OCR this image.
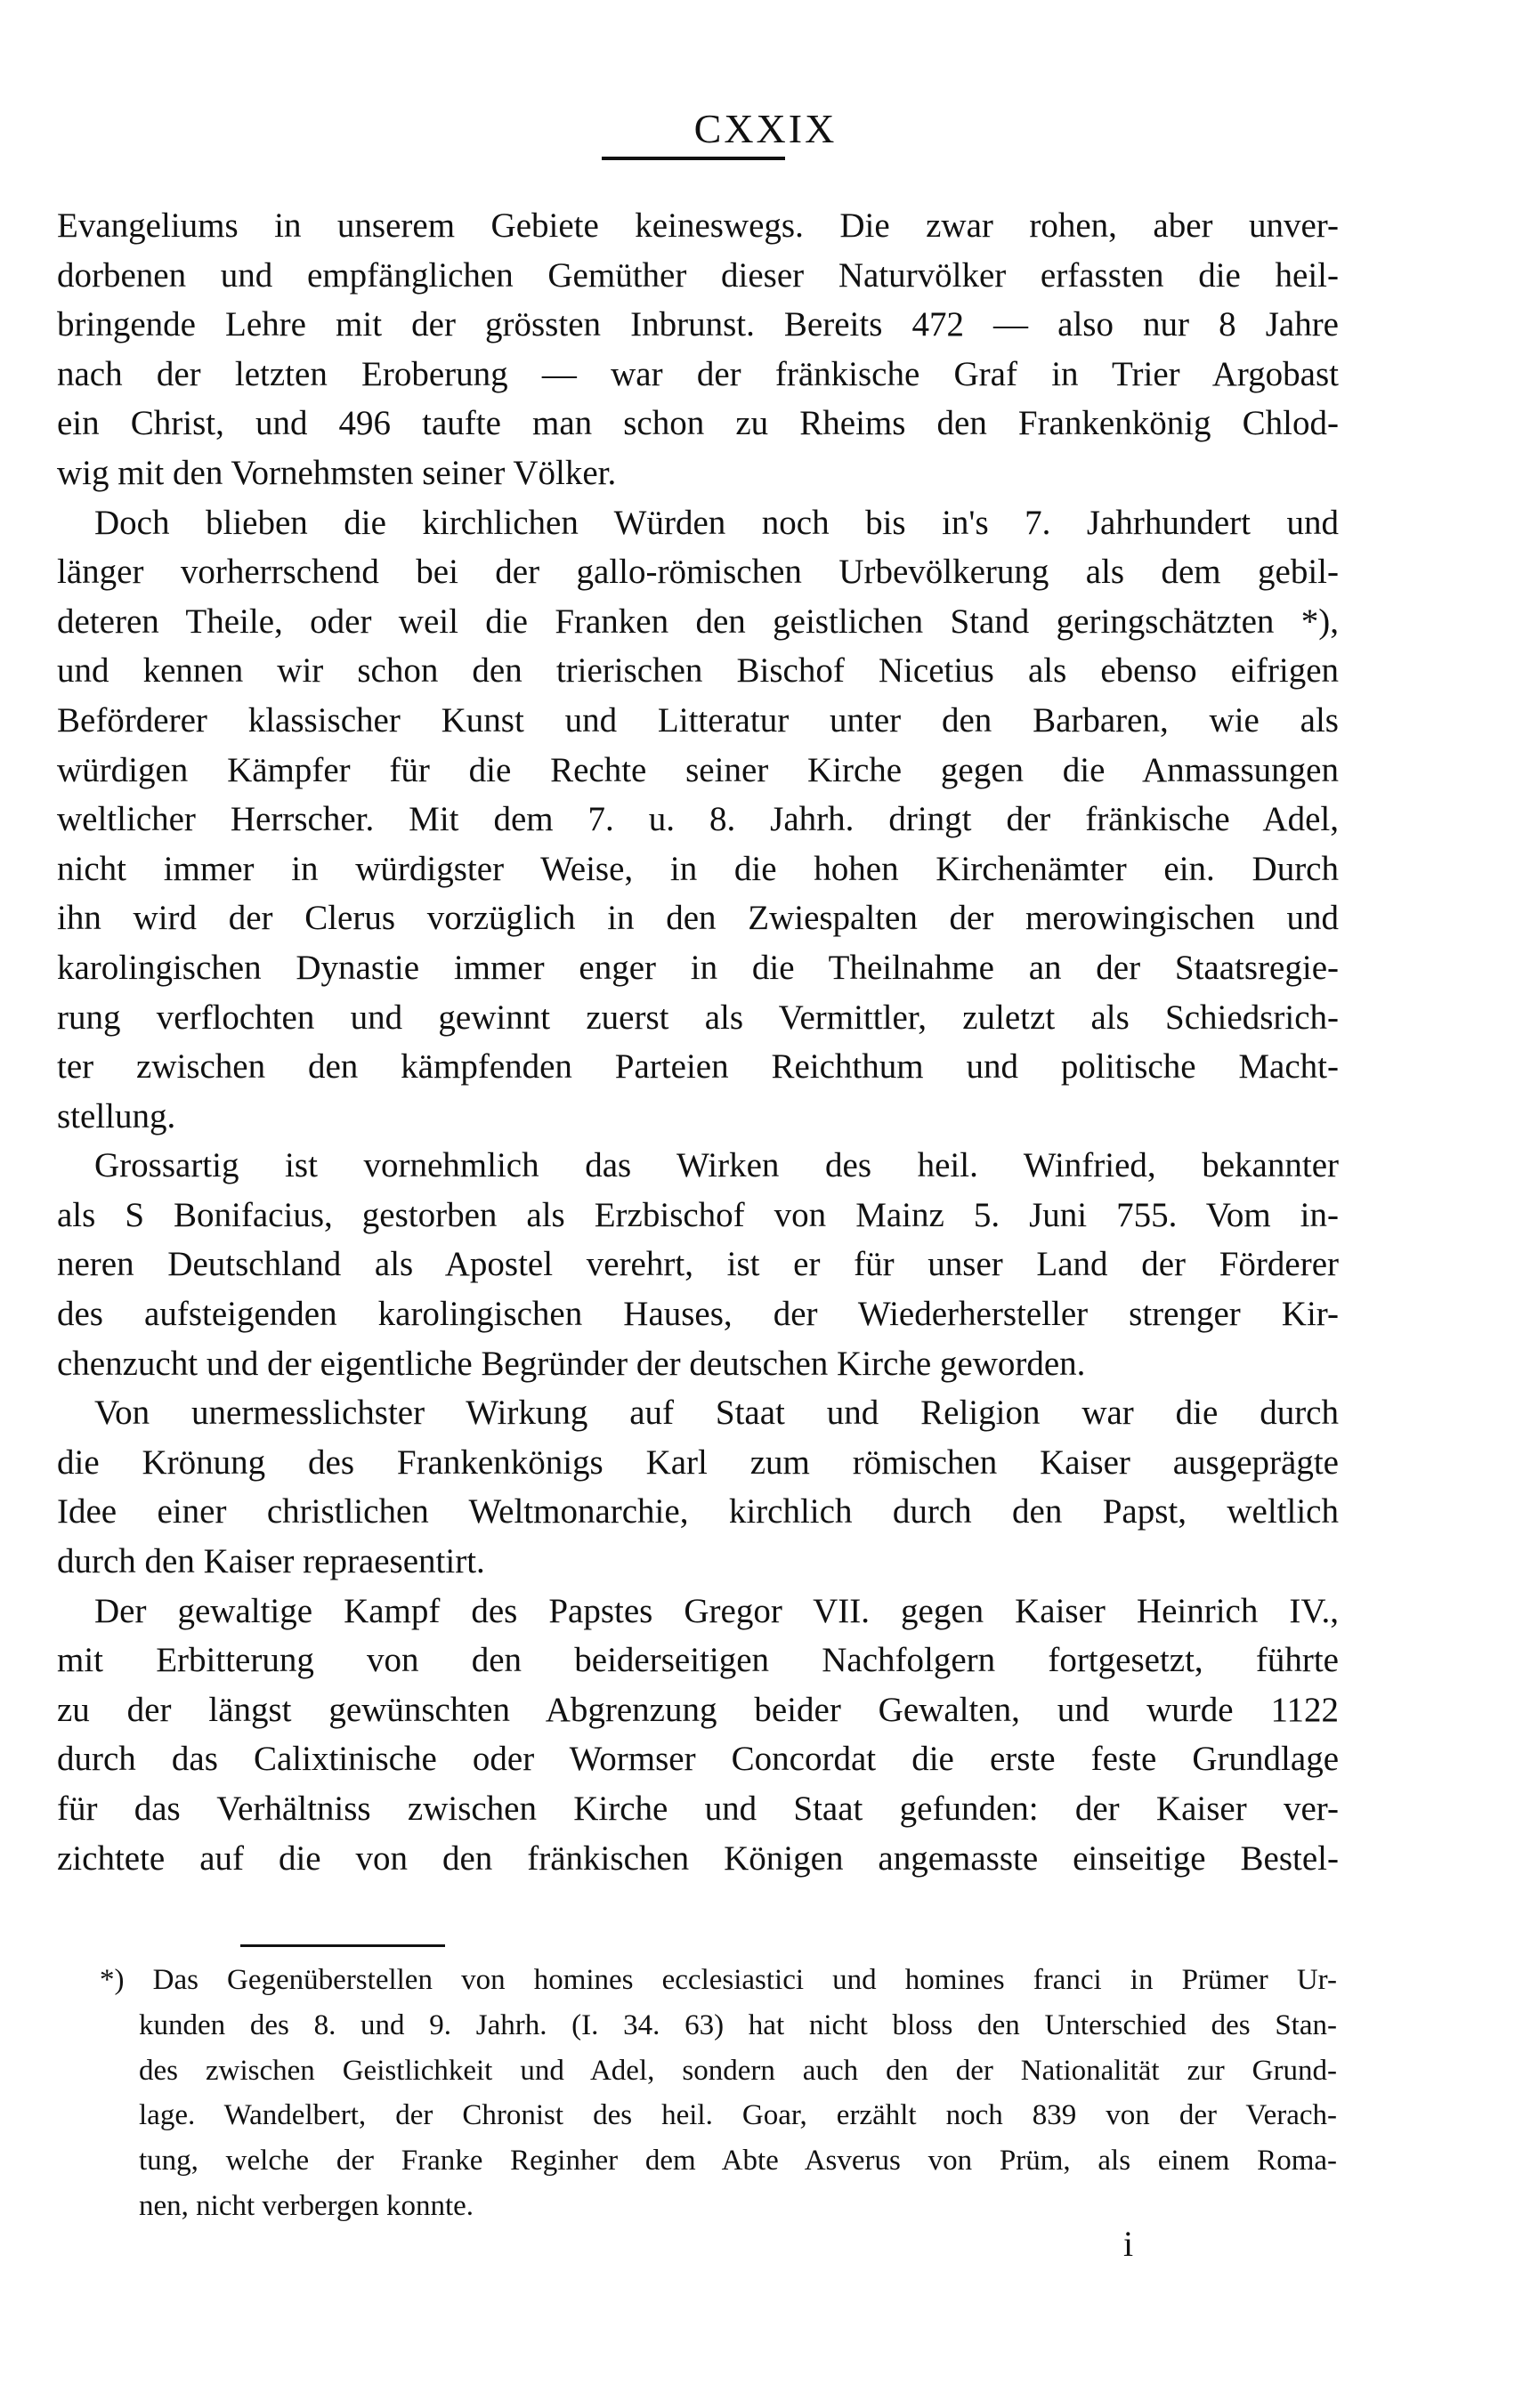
CXXIX
Evangeliums in unserem Gebiete keineswegs. Die zwar rohen, aber unver-
dorbenen und empfänglichen Gemüther dieser Naturvölker erfassten die heil-
bringende Lehre mit der grössten Inbrunst. Bereits 472 — also nur 8 Jahre
nach der letzten Eroberung — war der fränkische Graf in Trier Argobast
ein Christ, und 496 taufte man schon zu Rheims den Frankenkönig Chlod-
wig mit den Vornehmsten seiner Völker.
Doch blieben die kirchlichen Würden noch bis in's 7. Jahrhundert und
länger vorherrschend bei der gallo-römischen Urbevölkerung als dem gebil-
deteren Theile, oder weil die Franken den geistlichen Stand geringschätzten *),
und kennen wir schon den trierischen Bischof Nicetius als ebenso eifrigen
Beförderer klassischer Kunst und Litteratur unter den Barbaren, wie als
würdigen Kämpfer für die Rechte seiner Kirche gegen die Anmassungen
weltlicher Herrscher. Mit dem 7. u. 8. Jahrh. dringt der fränkische Adel,
nicht immer in würdigster Weise, in die hohen Kirchenämter ein. Durch
ihn wird der Clerus vorzüglich in den Zwiespalten der merowingischen und
karolingischen Dynastie immer enger in die Theilnahme an der Staatsregie-
rung verflochten und gewinnt zuerst als Vermittler, zuletzt als Schiedsrich-
ter zwischen den kämpfenden Parteien Reichthum und politische Macht-
stellung.
Grossartig ist vornehmlich das Wirken des heil. Winfried, bekannter
als S Bonifacius, gestorben als Erzbischof von Mainz 5. Juni 755. Vom in-
neren Deutschland als Apostel verehrt, ist er für unser Land der Förderer
des aufsteigenden karolingischen Hauses, der Wiederhersteller strenger Kir-
chenzucht und der eigentliche Begründer der deutschen Kirche geworden.
Von unermesslichster Wirkung auf Staat und Religion war die durch
die Krönung des Frankenkönigs Karl zum römischen Kaiser ausgeprägte
Idee einer christlichen Weltmonarchie, kirchlich durch den Papst, weltlich
durch den Kaiser repraesentirt.
Der gewaltige Kampf des Papstes Gregor VII. gegen Kaiser Heinrich IV.,
mit Erbitterung von den beiderseitigen Nachfolgern fortgesetzt, führte
zu der längst gewünschten Abgrenzung beider Gewalten, und wurde 1122
durch das Calixtinische oder Wormser Concordat die erste feste Grundlage
für das Verhältniss zwischen Kirche und Staat gefunden: der Kaiser ver-
zichtete auf die von den fränkischen Königen angemasste einseitige Bestel-
*) Das Gegenüberstellen von homines ecclesiastici und homines franci in Prümer Ur-
kunden des 8. und 9. Jahrh. (I. 34. 63) hat nicht bloss den Unterschied des Stan-
des zwischen Geistlichkeit und Adel, sondern auch den der Nationalität zur Grund-
lage. Wandelbert, der Chronist des heil. Goar, erzählt noch 839 von der Verach-
tung, welche der Franke Reginher dem Abte Asverus von Prüm, als einem Roma-
nen, nicht verbergen konnte.
i
